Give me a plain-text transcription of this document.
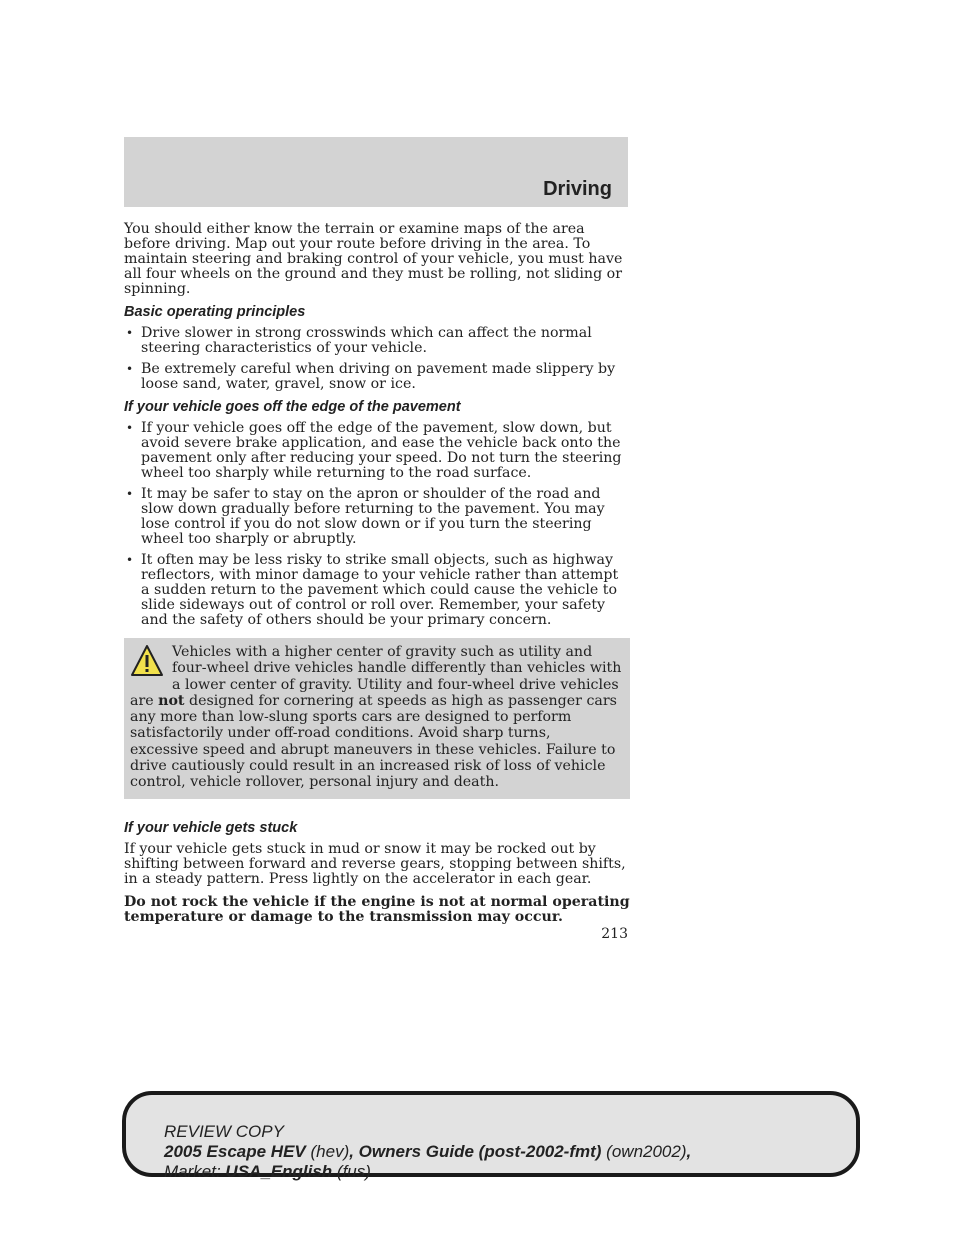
Driving

You should either know the terrain or examine maps of the area before driving. Map out your route before driving in the area. To maintain steering and braking control of your vehicle, you must have all four wheels on the ground and they must be rolling, not sliding or spinning.

Basic operating principles
• Drive slower in strong crosswinds which can affect the normal steering characteristics of your vehicle.
• Be extremely careful when driving on pavement made slippery by loose sand, water, gravel, snow or ice.
If your vehicle goes off the edge of the pavement
• If your vehicle goes off the edge of the pavement, slow down, but avoid severe brake application, and ease the vehicle back onto the pavement only after reducing your speed. Do not turn the steering wheel too sharply while returning to the road surface.
• It may be safer to stay on the apron or shoulder of the road and slow down gradually before returning to the pavement. You may lose control if you do not slow down or if you turn the steering wheel too sharply or abruptly.
• It often may be less risky to strike small objects, such as highway reflectors, with minor damage to your vehicle rather than attempt a sudden return to the pavement which could cause the vehicle to slide sideways out of control or roll over. Remember, your safety and the safety of others should be your primary concern.
Vehicles with a higher center of gravity such as utility and four-wheel drive vehicles handle differently than vehicles with a lower center of gravity. Utility and four-wheel drive vehicles are not designed for cornering at speeds as high as passenger cars any more than low-slung sports cars are designed to perform satisfactorily under off-road conditions. Avoid sharp turns, excessive speed and abrupt maneuvers in these vehicles. Failure to drive cautiously could result in an increased risk of loss of vehicle control, vehicle rollover, personal injury and death.
If your vehicle gets stuck

If your vehicle gets stuck in mud or snow it may be rocked out by shifting between forward and reverse gears, stopping between shifts, in a steady pattern. Press lightly on the accelerator in each gear.

Do not rock the vehicle if the engine is not at normal operating temperature or damage to the transmission may occur.

213
REVIEW COPY
2005 Escape HEV (hev), Owners Guide (post-2002-fmt) (own2002),
Market: USA_English (fus)
